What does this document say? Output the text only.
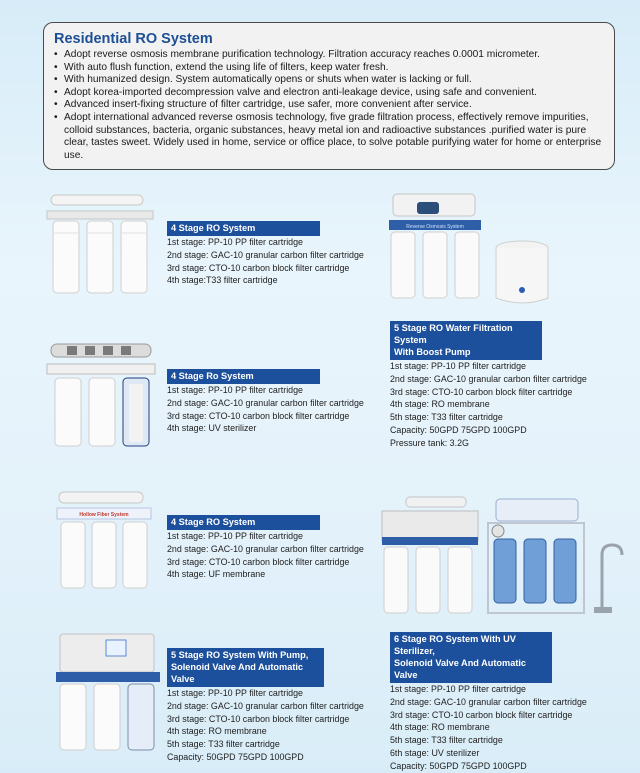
Residential RO System
• Adopt reverse osmosis membrane purification technology. Filtration accuracy reaches 0.0001 micrometer.
• With auto flush function, extend the using life of filters, keep water fresh.
• With humanized design. System automatically opens or shuts when water is lacking or full.
• Adopt korea-imported decompression valve and electron anti-leakage device, using safe and convenient.
• Advanced insert-fixing structure of filter cartridge, use safer, more convenient after service.
• Adopt international advanced reverse osmosis technology, five grade filtration process, effectively remove impurities, colloid substances, bacteria, organic substances, heavy metal ion and radioactive substances .purified water is pure clear, tastes sweet. Widely used in home, service or office place, to solve potable purifying water for home or enterprise use.
Reverse Osmosis System
Hollow Fiber System
4 Stage RO System
1st stage: PP-10 PP filter cartridge
2nd stage: GAC-10 granular carbon filter cartridge
3rd stage: CTO-10 carbon block filter cartridge
4th stage:T33 filter cartridge
5 Stage RO Water Filtration System
With Boost Pump
1st stage: PP-10 PP filter cartridge
2nd stage: GAC-10 granular carbon filter cartridge
3rd stage: CTO-10 carbon block filter cartridge
4th stage: RO membrane
5th stage: T33 filter cartridge
Capacity: 50GPD 75GPD 100GPD
Pressure tank: 3.2G
4 Stage Ro System
1st stage: PP-10 PP filter cartridge
2nd stage: GAC-10 granular carbon filter cartridge
3rd stage: CTO-10 carbon block filter cartridge
4th stage: UV sterilizer
4 Stage RO System
1st stage: PP-10 PP filter cartridge
2nd stage: GAC-10 granular carbon filter cartridge
3rd stage: CTO-10 carbon block filter cartridge
4th stage: UF membrane
5 Stage RO System With Pump,
Solenoid Valve And Automatic Valve
1st stage: PP-10 PP filter cartridge
2nd stage: GAC-10 granular carbon filter cartridge
3rd stage: CTO-10 carbon block filter cartridge
4th stage: RO membrane
5th stage: T33 filter cartridge
Capacity: 50GPD 75GPD 100GPD
6 Stage RO System With UV Sterilizer,
Solenoid Valve And Automatic Valve
1st stage: PP-10 PP filter cartridge
2nd stage: GAC-10 granular carbon filter cartridge
3rd stage: CTO-10 carbon block filter cartridge
4th stage: RO membrane
5th stage: T33 filter cartridge
6th stage: UV sterilizer
Capacity: 50GPD 75GPD 100GPD
